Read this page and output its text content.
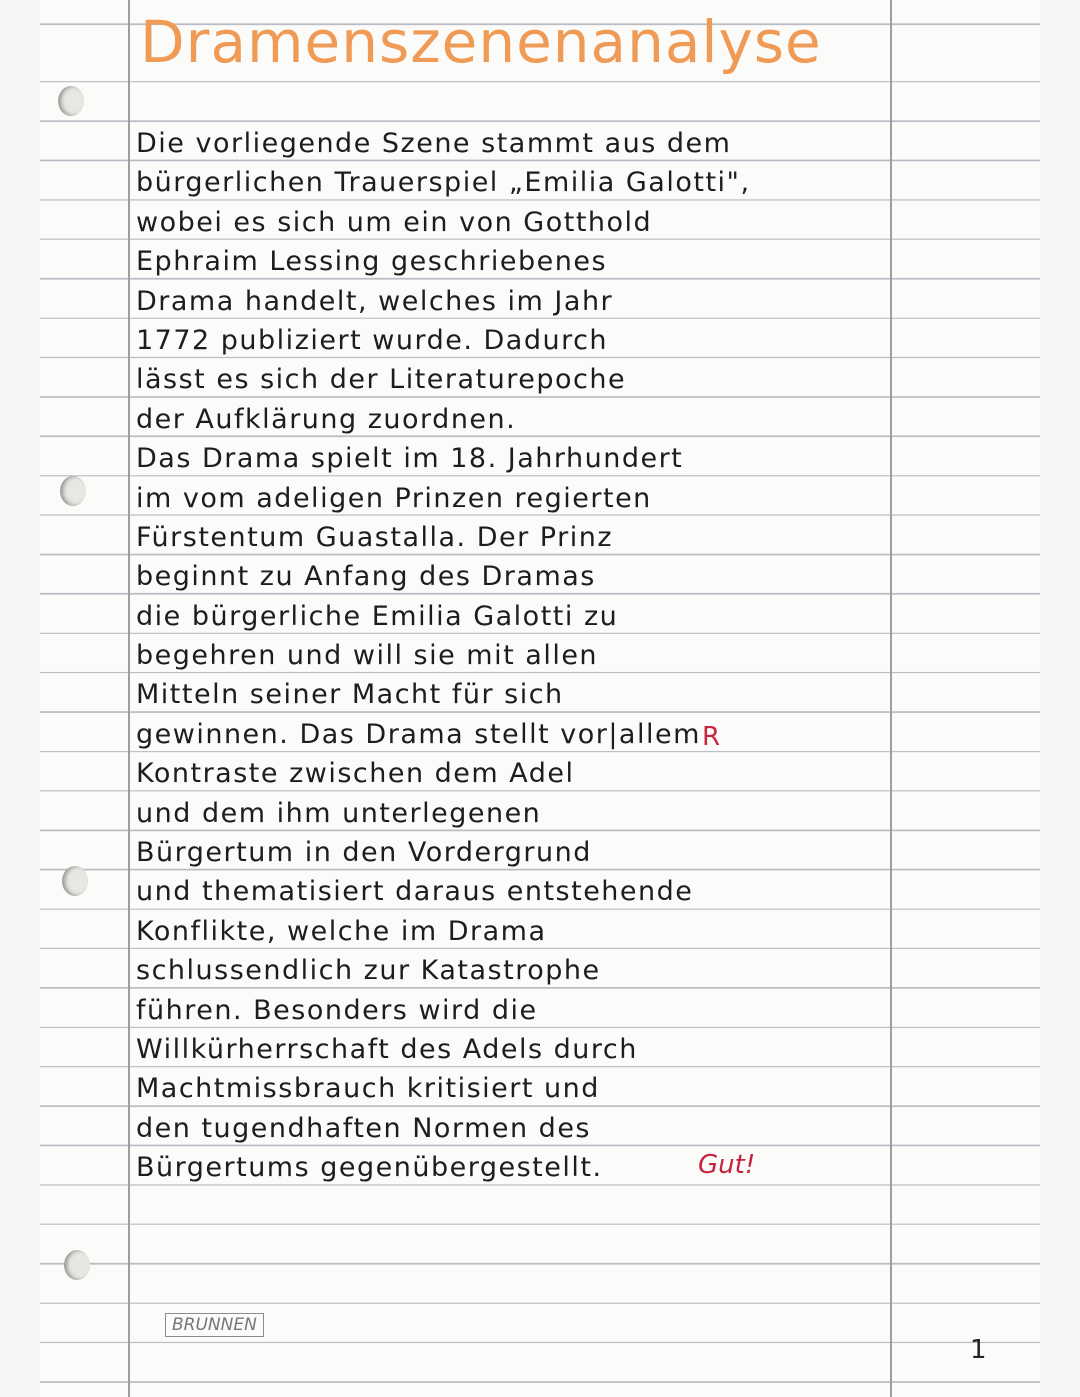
Dramenszenenanalyse
Die vorliegende Szene stammt aus dem
bürgerlichen Trauerspiel „Emilia Galotti",
wobei es sich um ein von Gotthold
Ephraim Lessing geschriebenes
Drama handelt, welches im Jahr
1772 publiziert wurde. Dadurch
lässt es sich der Literaturepoche
der Aufklärung zuordnen.
Das Drama spielt im 18. Jahrhundert
im vom adeligen Prinzen regierten
Fürstentum Guastalla. Der Prinz
beginnt zu Anfang des Dramas
die bürgerliche Emilia Galotti zu
begehren und will sie mit allen
Mitteln seiner Macht für sich
gewinnen. Das Drama stellt vor|allem
Kontraste zwischen dem Adel
und dem ihm unterlegenen
Bürgertum in den Vordergrund
und thematisiert daraus entstehende
Konflikte, welche im Drama
schlussendlich zur Katastrophe
führen. Besonders wird die
Willkürherrschaft des Adels durch
Machtmissbrauch kritisiert und
den tugendhaften Normen des
Bürgertums gegenübergestellt.
R
Gut!
BRUNNEN
1
